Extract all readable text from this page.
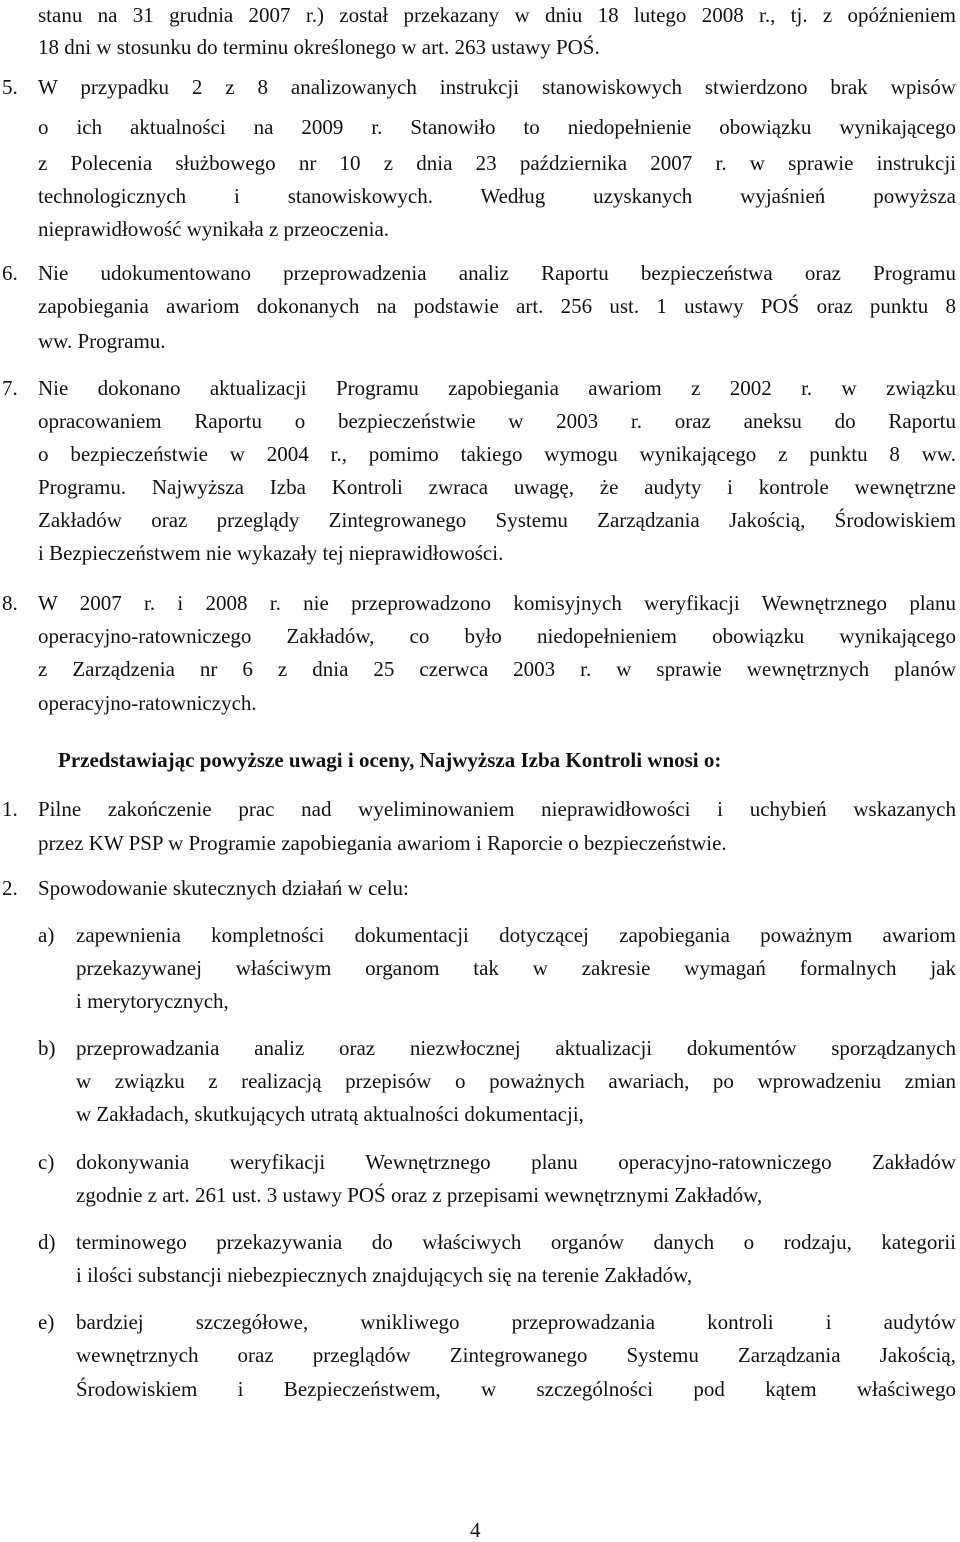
stanu na 31 grudnia 2007 r.) został przekazany w dniu 18 lutego 2008 r., tj. z opóźnieniem
18 dni w stosunku do terminu określonego w art. 263 ustawy POŚ.
5. W przypadku 2 z 8 analizowanych instrukcji stanowiskowych stwierdzono brak wpisów
o ich aktualności na 2009 r. Stanowiło to niedopełnienie obowiązku wynikającego
z Polecenia służbowego nr 10 z dnia 23 października 2007 r. w sprawie instrukcji
technologicznych i stanowiskowych. Według uzyskanych wyjaśnień powyższa
nieprawidłowość wynikała z przeoczenia.
6. Nie udokumentowano przeprowadzenia analiz Raportu bezpieczeństwa oraz Programu
zapobiegania awariom dokonanych na podstawie art. 256 ust. 1 ustawy POŚ oraz punktu 8
ww. Programu.
7. Nie dokonano aktualizacji Programu zapobiegania awariom z 2002 r. w związku
opracowaniem Raportu o bezpieczeństwie w 2003 r. oraz aneksu do Raportu
o bezpieczeństwie w 2004 r., pomimo takiego wymogu wynikającego z punktu 8 ww.
Programu. Najwyższa Izba Kontroli zwraca uwagę, że audyty i kontrole wewnętrzne
Zakładów oraz przeglądy Zintegrowanego Systemu Zarządzania Jakością, Środowiskiem
i Bezpieczeństwem nie wykazały tej nieprawidłowości.
8. W 2007 r. i 2008 r. nie przeprowadzono komisyjnych weryfikacji Wewnętrznego planu
operacyjno-ratowniczego Zakładów, co było niedopełnieniem obowiązku wynikającego
z Zarządzenia nr 6 z dnia 25 czerwca 2003 r. w sprawie wewnętrznych planów
operacyjno-ratowniczych.
Przedstawiając powyższe uwagi i oceny, Najwyższa Izba Kontroli wnosi o:
1. Pilne zakończenie prac nad wyeliminowaniem nieprawidłowości i uchybień wskazanych
przez KW PSP w Programie zapobiegania awariom i Raporcie o bezpieczeństwie.
2. Spowodowanie skutecznych działań w celu:
a) zapewnienia kompletności dokumentacji dotyczącej zapobiegania poważnym awariom
przekazywanej właściwym organom tak w zakresie wymagań formalnych jak
i merytorycznych,
b) przeprowadzania analiz oraz niezwłocznej aktualizacji dokumentów sporządzanych
w związku z realizacją przepisów o poważnych awariach, po wprowadzeniu zmian
w Zakładach, skutkujących utratą aktualności dokumentacji,
c) dokonywania weryfikacji Wewnętrznego planu operacyjno-ratowniczego Zakładów
zgodnie z art. 261 ust. 3 ustawy POŚ oraz z przepisami wewnętrznymi Zakładów,
d) terminowego przekazywania do właściwych organów danych o rodzaju, kategorii
i ilości substancji niebezpiecznych znajdujących się na terenie Zakładów,
e) bardziej szczegółowe, wnikliwego przeprowadzania kontroli i audytów
wewnętrznych oraz przeglądów Zintegrowanego Systemu Zarządzania Jakością,
Środowiskiem i Bezpieczeństwem, w szczególności pod kątem właściwego
4
